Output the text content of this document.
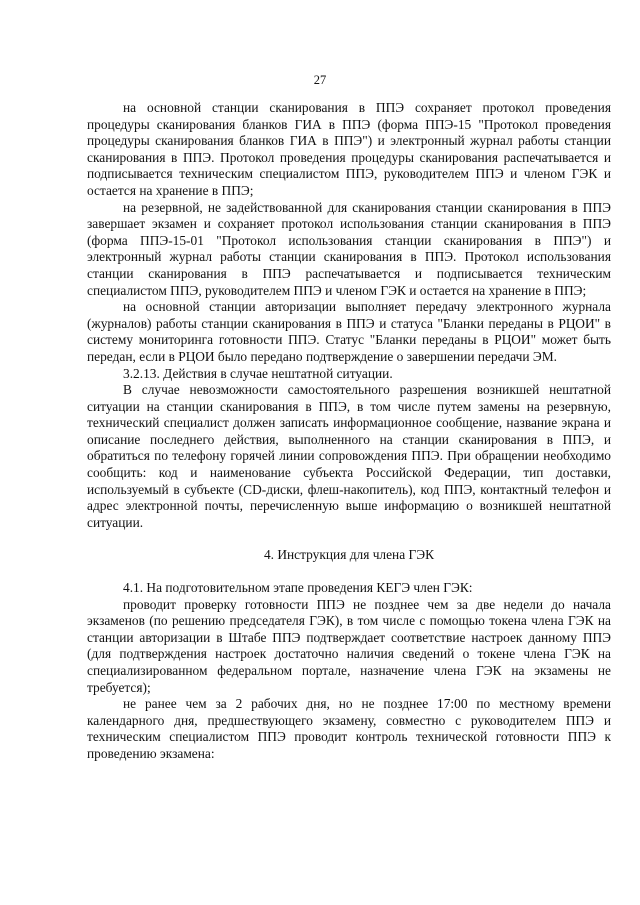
27

на основной станции сканирования в ППЭ сохраняет протокол проведения процедуры сканирования бланков ГИА в ППЭ (форма ППЭ-15 "Протокол проведения процедуры сканирования бланков ГИА в ППЭ") и электронный журнал работы станции сканирования в ППЭ. Протокол проведения процедуры сканирования распечатывается и подписывается техническим специалистом ППЭ, руководителем ППЭ и членом ГЭК и остается на хранение в ППЭ;

на резервной, не задействованной для сканирования станции сканирования в ППЭ завершает экзамен и сохраняет протокол использования станции сканирования в ППЭ (форма ППЭ-15-01 "Протокол использования станции сканирования в ППЭ") и электронный журнал работы станции сканирования в ППЭ. Протокол использования станции сканирования в ППЭ распечатывается и подписывается техническим специалистом ППЭ, руководителем ППЭ и членом ГЭК и остается на хранение в ППЭ;

на основной станции авторизации выполняет передачу электронного журнала (журналов) работы станции сканирования в ППЭ и статуса "Бланки переданы в РЦОИ" в систему мониторинга готовности ППЭ. Статус "Бланки переданы в РЦОИ" может быть передан, если в РЦОИ было передано подтверждение о завершении передачи ЭМ.

3.2.13. Действия в случае нештатной ситуации.

В случае невозможности самостоятельного разрешения возникшей нештатной ситуации на станции сканирования в ППЭ, в том числе путем замены на резервную, технический специалист должен записать информационное сообщение, название экрана и описание последнего действия, выполненного на станции сканирования в ППЭ, и обратиться по телефону горячей линии сопровождения ППЭ. При обращении необходимо сообщить: код и наименование субъекта Российской Федерации, тип доставки, используемый в субъекте (CD-диски, флеш-накопитель), код ППЭ, контактный телефон и адрес электронной почты, перечисленную выше информацию о возникшей нештатной ситуации.

4. Инструкция для члена ГЭК

4.1. На подготовительном этапе проведения КЕГЭ член ГЭК:

проводит проверку готовности ППЭ не позднее чем за две недели до начала экзаменов (по решению председателя ГЭК), в том числе с помощью токена члена ГЭК на станции авторизации в Штабе ППЭ подтверждает соответствие настроек данному ППЭ (для подтверждения настроек достаточно наличия сведений о токене члена ГЭК на специализированном федеральном портале, назначение члена ГЭК на экзамены не требуется);

не ранее чем за 2 рабочих дня, но не позднее 17:00 по местному времени календарного дня, предшествующего экзамену, совместно с руководителем ППЭ и техническим специалистом ППЭ проводит контроль технической готовности ППЭ к проведению экзамена:
